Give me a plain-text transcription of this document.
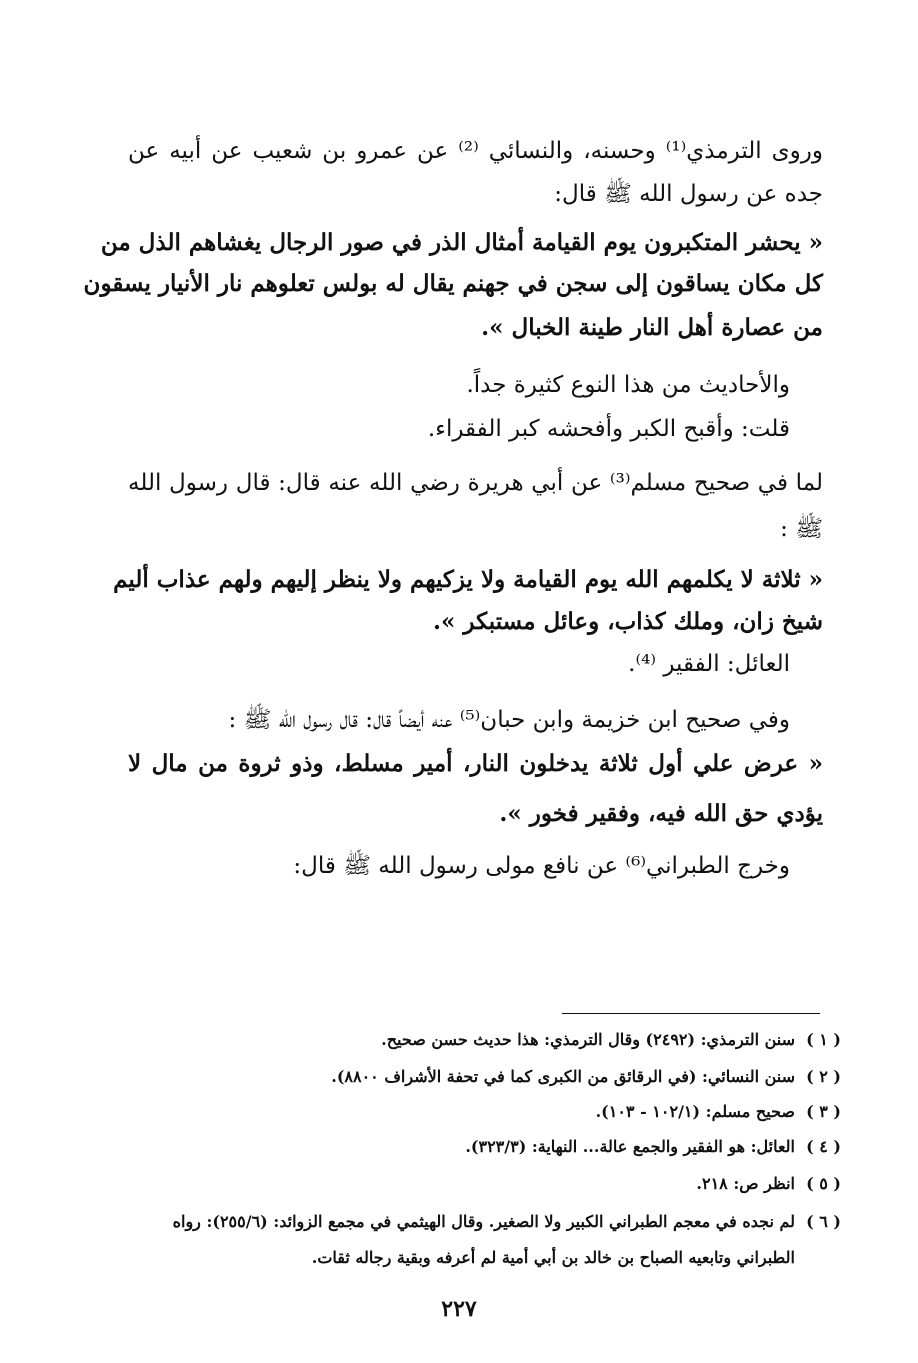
وروى الترمذي⁽¹⁾ وحسنه، والنسائي ⁽²⁾ عن عمرو بن شعيب عن أبيه عن
جده عن رسول الله ﷺ قال:
« يحشر المتكبرون يوم القيامة أمثال الذر في صور الرجال يغشاهم الذل من
كل مكان يساقون إلى سجن في جهنم يقال له بولس تعلوهم نار الأنيار يسقون
من عصارة أهل النار طينة الخبال ».
والأحاديث من هذا النوع كثيرة جداً.
قلت: وأقبح الكبر وأفحشه كبر الفقراء.
لما في صحيح مسلم⁽³⁾ عن أبي هريرة رضي الله عنه قال: قال رسول الله
ﷺ :
« ثلاثة لا يكلمهم الله يوم القيامة ولا يزكيهم ولا ينظر إليهم ولهم عذاب أليم
شيخ زان، وملك كذاب، وعائل مستبكر ».
العائل: الفقير ⁽⁴⁾.
وفي صحيح ابن خزيمة وابن حبان⁽⁵⁾ عنه أيضاً قال: قال رسول الله ﷺ :
« عرض علي أول ثلاثة يدخلون النار، أمير مسلط، وذو ثروة من مال لا
يؤدي حق الله فيه، وفقير فخور ».
وخرج الطبراني⁽⁶⁾ عن نافع مولى رسول الله ﷺ قال:
( ١ )سنن الترمذي: (٢٤٩٢) وقال الترمذي: هذا حديث حسن صحيح.
( ٢ )سنن النسائي: (في الرقائق من الكبرى كما في تحفة الأشراف ٨٨٠٠).
( ٣ )صحيح مسلم: (١٠٢/١ - ١٠٣).
( ٤ )العائل: هو الفقير والجمع عالة... النهاية: (٣٢٣/٣).
( ٥ )انظر ص: ٢١٨.
( ٦ )لم نجده في معجم الطبراني الكبير ولا الصغير. وقال الهيثمي في مجمع الزوائد: (٢٥٥/٦): رواه
الطبراني وتابعيه الصباح بن خالد بن أبي أمية لم أعرفه وبقية رجاله ثقات.
٢٢٧
